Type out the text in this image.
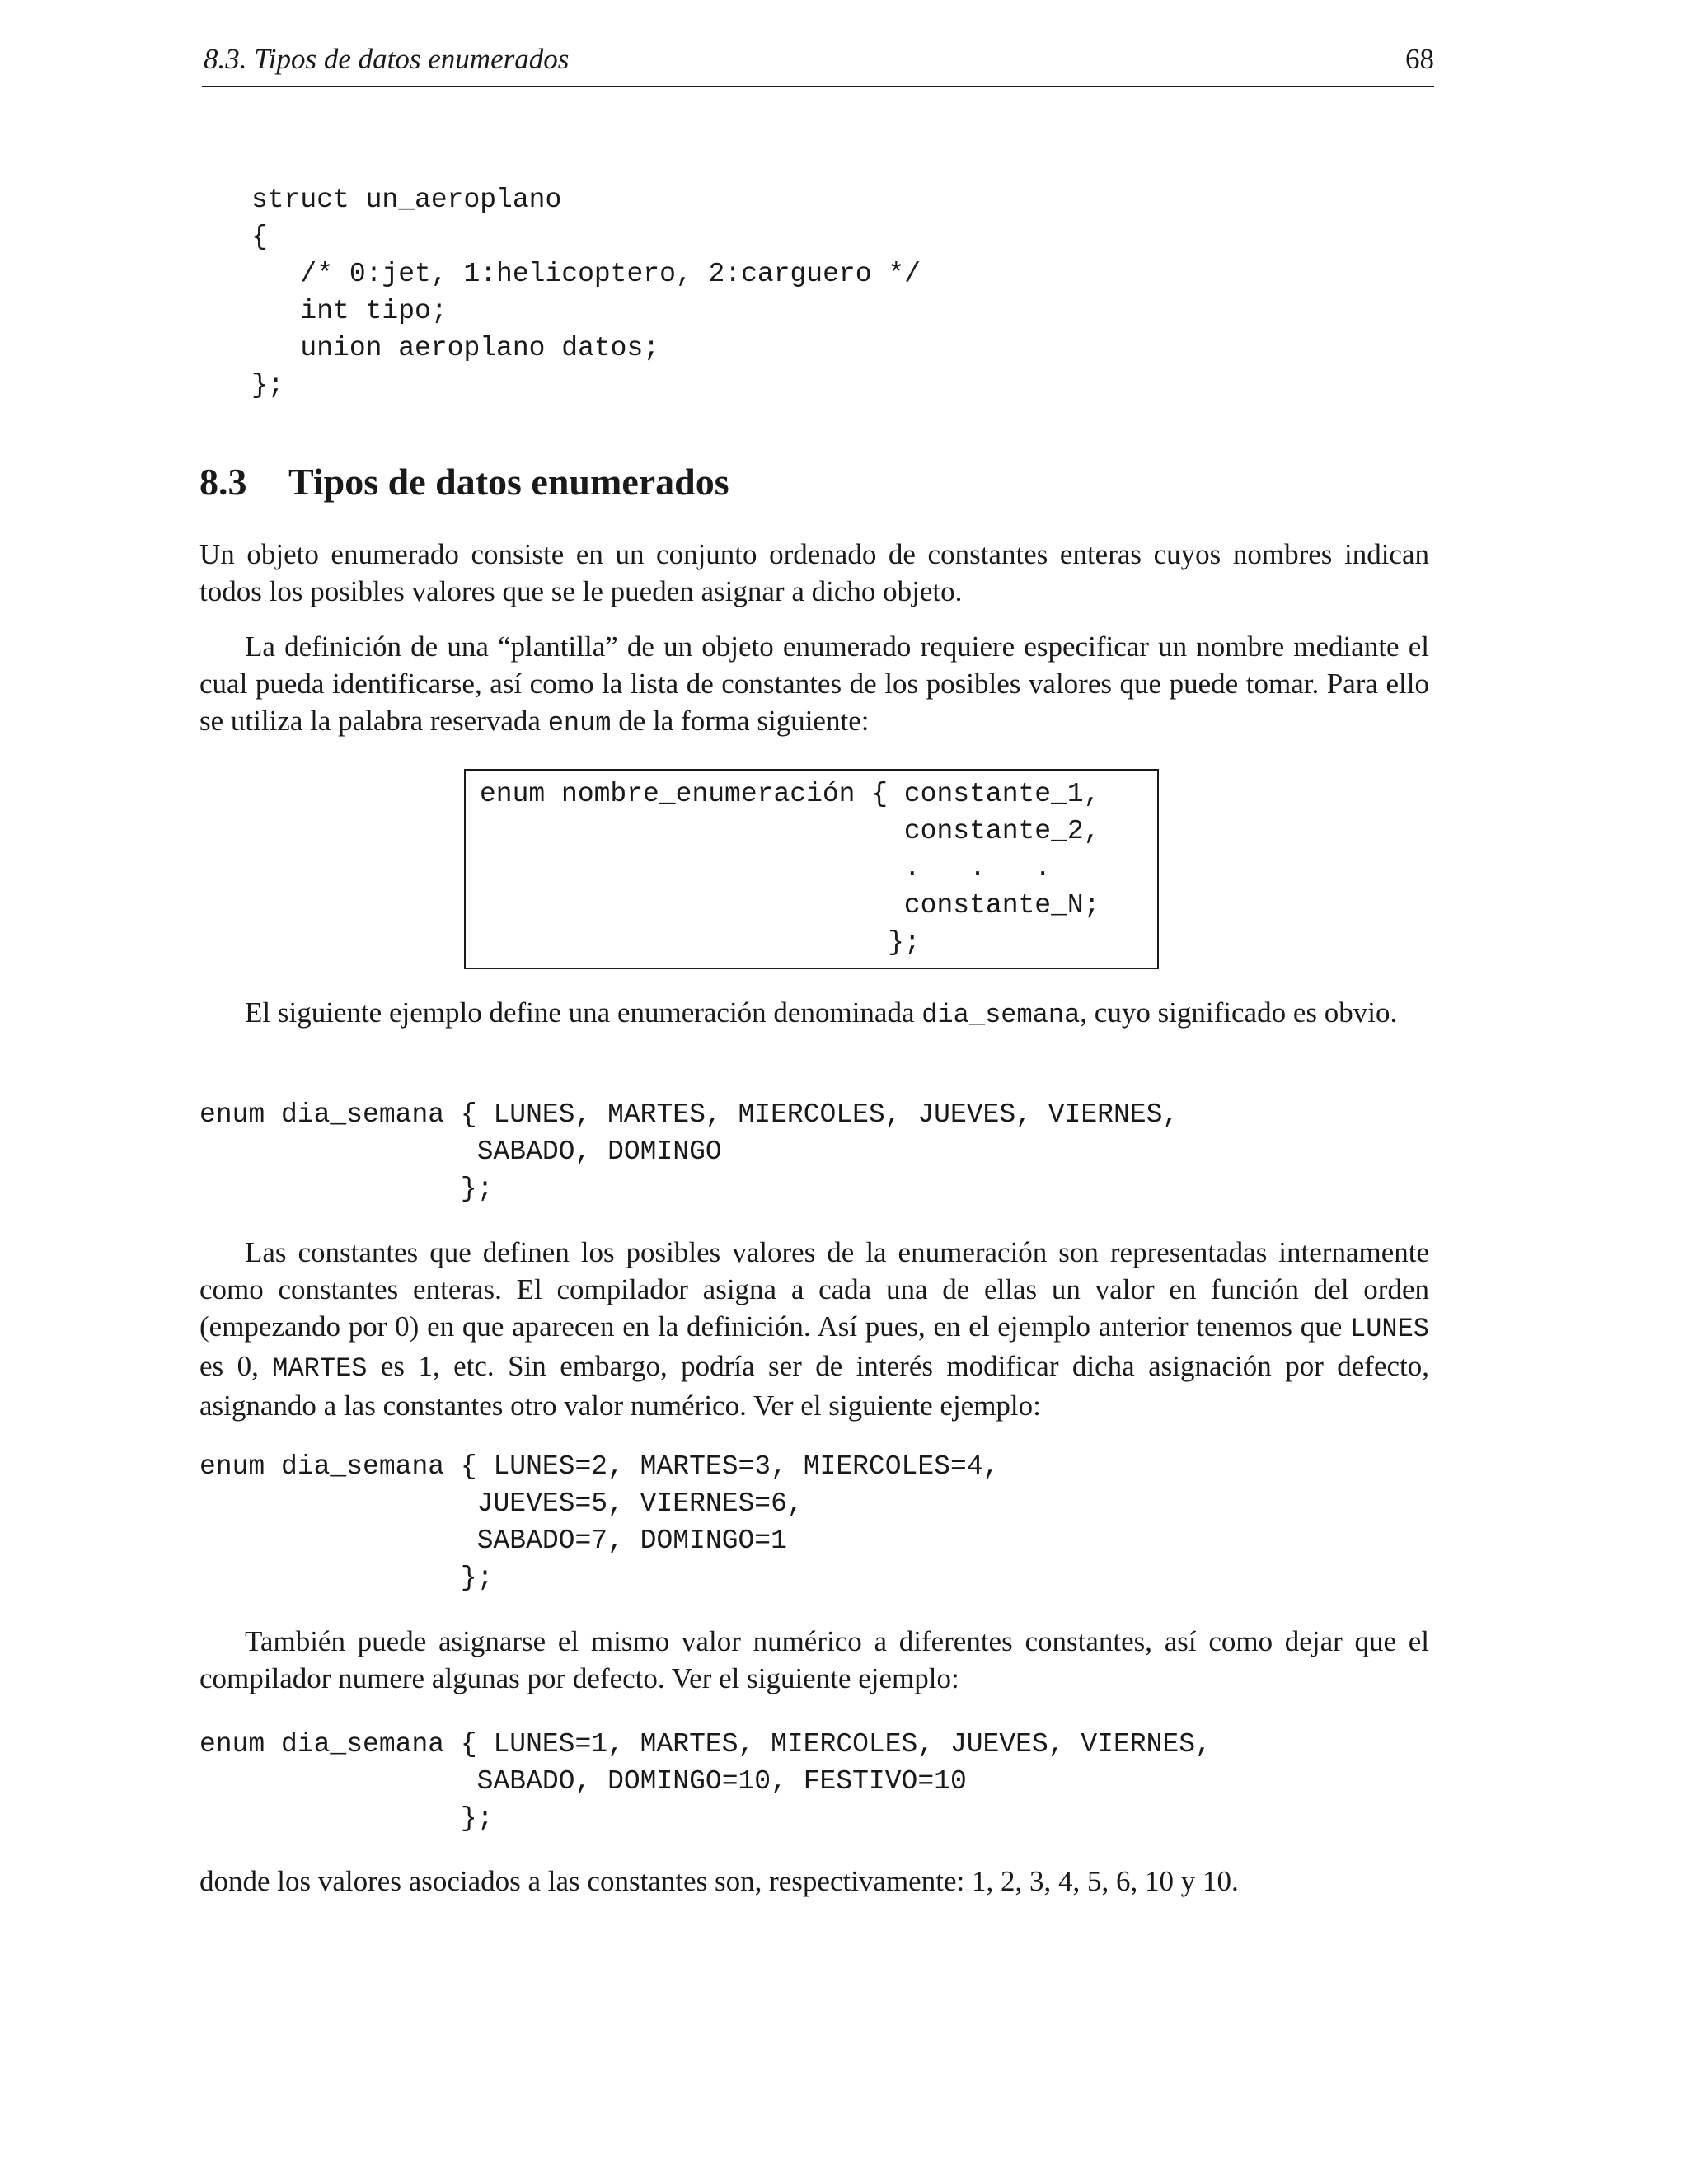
8.3. Tipos de datos enumerados	68
struct un_aeroplano
{
/* 0:jet, 1:helicoptero, 2:carguero */
int tipo;
union aeroplano datos;
};
8.3 Tipos de datos enumerados

Un objeto enumerado consiste en un conjunto ordenado de constantes enteras cuyos nombres indican todos los posibles valores que se le pueden asignar a dicho objeto.

La definición de una “plantilla” de un objeto enumerado requiere especificar un nombre mediante el cual pueda identificarse, así como la lista de constantes de los posibles valores que puede tomar. Para ello se utiliza la palabra reservada enum de la forma siguiente:

enum nombre_enumeración { constante_1,
constante_2,
.   .   .
constante_N;
};

El siguiente ejemplo define una enumeración denominada dia_semana, cuyo significado es obvio.

enum dia_semana { LUNES, MARTES, MIERCOLES, JUEVES, VIERNES,
SABADO, DOMINGO
};

Las constantes que definen los posibles valores de la enumeración son representadas internamente como constantes enteras. El compilador asigna a cada una de ellas un valor en función del orden (empezando por 0) en que aparecen en la definición. Así pues, en el ejemplo anterior tenemos que LUNES es 0, MARTES es 1, etc. Sin embargo, podría ser de interés modificar dicha asignación por defecto, asignando a las constantes otro valor numérico. Ver el siguiente ejemplo:

enum dia_semana { LUNES=2, MARTES=3, MIERCOLES=4,
JUEVES=5, VIERNES=6,
SABADO=7, DOMINGO=1
};

También puede asignarse el mismo valor numérico a diferentes constantes, así como dejar que el compilador numere algunas por defecto. Ver el siguiente ejemplo:

enum dia_semana { LUNES=1, MARTES, MIERCOLES, JUEVES, VIERNES,
SABADO, DOMINGO=10, FESTIVO=10
};

donde los valores asociados a las constantes son, respectivamente: 1, 2, 3, 4, 5, 6, 10 y 10.
